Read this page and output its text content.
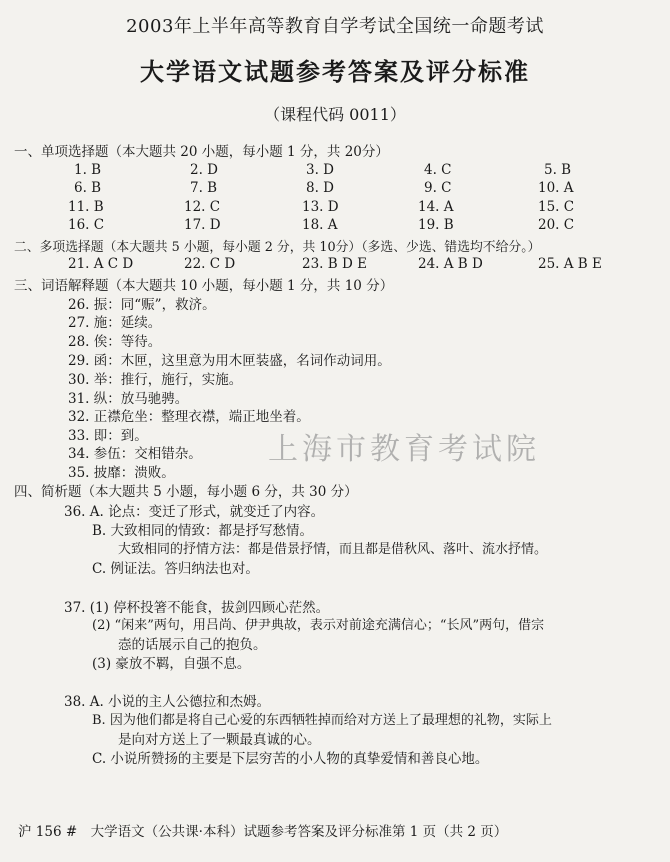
2003年上半年高等教育自学考试全国统一命题考试
大学语文试题参考答案及评分标准
（课程代码 0011）
一、单项选择题（本大题共 20 小题，每小题 1 分，共 20分）
1. B	2. D	3. D	4. C	5. B
6. B	7. B	8. D	9. C	10. A
11. B	12. C	13. D	14. A	15. C
16. C	17. D	18. A	19. B	20. C
二、多项选择题（本大题共 5 小题，每小题 2 分，共 10分）（多选、少选、错选均不给分。）
21. A C D	22. C D	23. B D E	24. A B D	25. A B E
三、词语解释题（本大题共 10 小题，每小题 1 分，共 10 分）
26. 振：同“赈”，救济。
27. 施：延续。
28. 俟：等待。
29. 函：木匣，这里意为用木匣装盛，名词作动词用。
30. 举：推行，施行，实施。
31. 纵：放马驰骋。
32. 正襟危坐：整理衣襟，端正地坐着。
33. 即：到。
34. 参伍：交相错杂。
35. 披靡：溃败。
上海市教育考试院
四、简析题（本大题共 5 小题，每小题 6 分，共 30 分）
36. A. 论点：变迁了形式，就变迁了内容。
B. 大致相同的情致：都是抒写愁情。
大致相同的抒情方法：都是借景抒情，而且都是借秋风、落叶、流水抒情。
C. 例证法。答归纳法也对。
37. (1) 停杯投箸不能食，拔剑四顾心茫然。
(2) “闲来”两句，用吕尚、伊尹典故，表示对前途充满信心；“长风”两句，借宗
悫的话展示自己的抱负。
(3) 豪放不羁，自强不息。
38. A. 小说的主人公德拉和杰姆。
B. 因为他们都是将自己心爱的东西牺牲掉而给对方送上了最理想的礼物，实际上
是向对方送上了一颗最真诚的心。
C. 小说所赞扬的主要是下层穷苦的小人物的真挚爱情和善良心地。
沪 156 #　大学语文（公共课·本科）试题参考答案及评分标准第 1 页（共 2 页）
